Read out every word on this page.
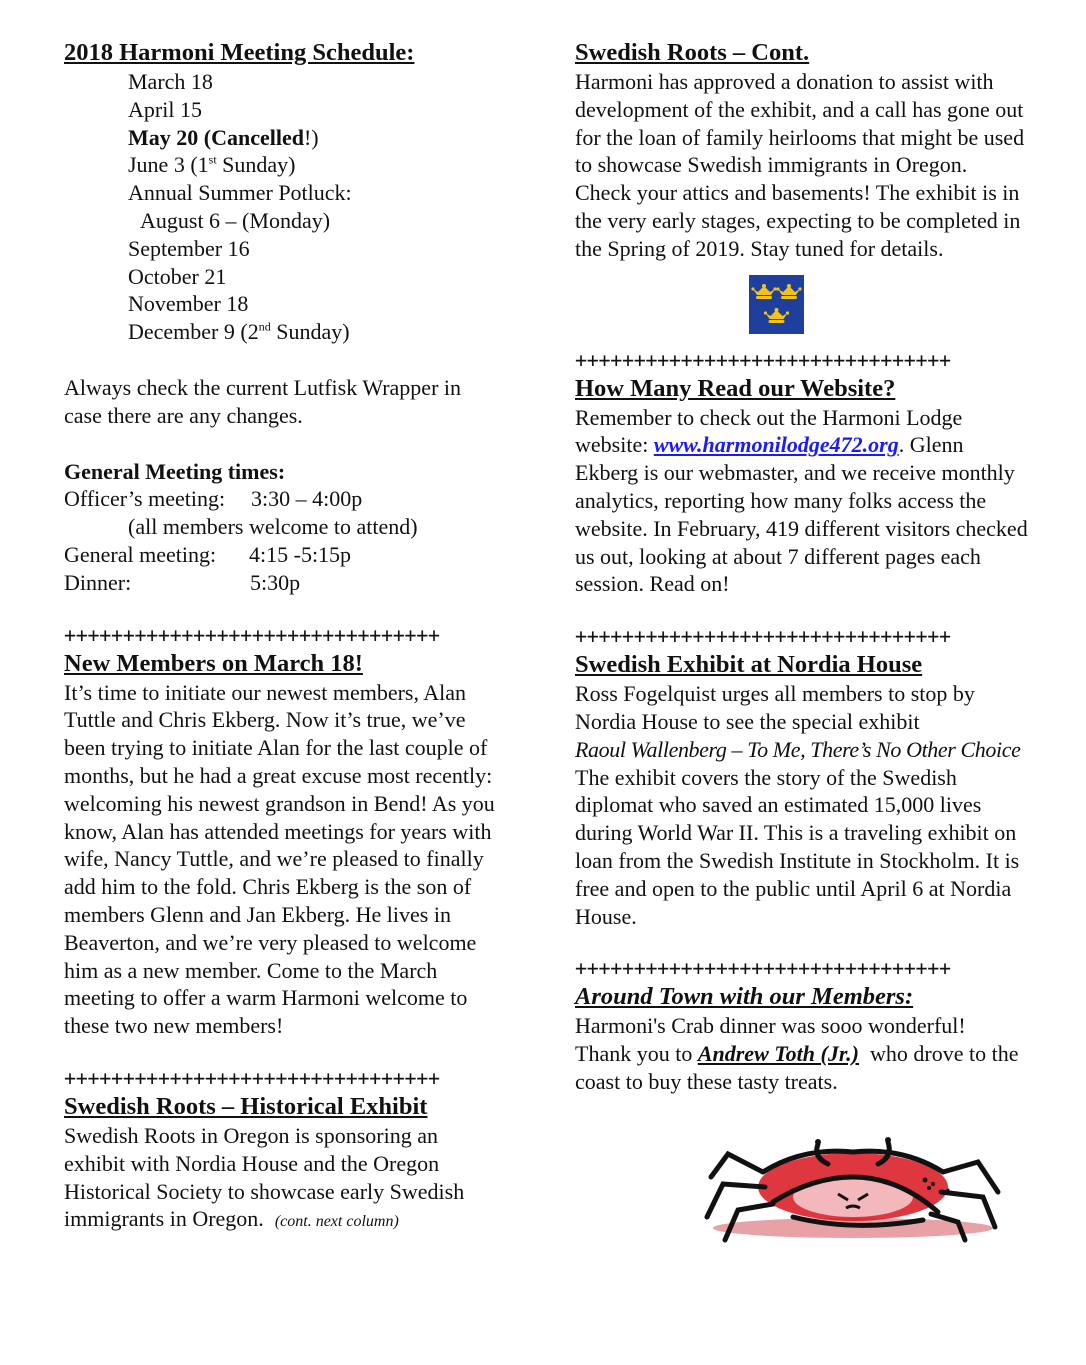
2018 Harmoni Meeting Schedule:
March 18
April 15
May 20 (Cancelled!)
June 3 (1st Sunday)
Annual Summer Potluck:
August 6 – (Monday)
September 16
October 21
November 18
December 9 (2nd Sunday)
Always check the current Lutfisk Wrapper in case there are any changes.
General Meeting times:
Officer’s meeting: 3:30 – 4:00p
(all members welcome to attend)
General meeting: 4:15 -5:15p
Dinner:	5:30p
++++++++++++++++++++++++++++++++
New Members on March 18!
It’s time to initiate our newest members, Alan Tuttle and Chris Ekberg. Now it’s true, we’ve been trying to initiate Alan for the last couple of months, but he had a great excuse most recently: welcoming his newest grandson in Bend! As you know, Alan has attended meetings for years with wife, Nancy Tuttle, and we’re pleased to finally add him to the fold. Chris Ekberg is the son of members Glenn and Jan Ekberg. He lives in Beaverton, and we’re very pleased to welcome him as a new member. Come to the March meeting to offer a warm Harmoni welcome to these two new members!
++++++++++++++++++++++++++++++++
Swedish Roots – Historical Exhibit
Swedish Roots in Oregon is sponsoring an exhibit with Nordia House and the Oregon Historical Society to showcase early Swedish immigrants in Oregon. (cont. next column)
Swedish Roots – Cont.
Harmoni has approved a donation to assist with development of the exhibit, and a call has gone out for the loan of family heirlooms that might be used to showcase Swedish immigrants in Oregon. Check your attics and basements! The exhibit is in the very early stages, expecting to be completed in the Spring of 2019. Stay tuned for details.
++++++++++++++++++++++++++++++++
How Many Read our Website?
Remember to check out the Harmoni Lodge website: www.harmonilodge472.org. Glenn Ekberg is our webmaster, and we receive monthly analytics, reporting how many folks access the website. In February, 419 different visitors checked us out, looking at about 7 different pages each session. Read on!
++++++++++++++++++++++++++++++++
Swedish Exhibit at Nordia House
Ross Fogelquist urges all members to stop by Nordia House to see the special exhibit
Raoul Wallenberg – To Me, There’s No Other Choice
The exhibit covers the story of the Swedish diplomat who saved an estimated 15,000 lives during World War II. This is a traveling exhibit on loan from the Swedish Institute in Stockholm. It is free and open to the public until April 6 at Nordia House.
++++++++++++++++++++++++++++++++
Around Town with our Members:
Harmoni's Crab dinner was sooo wonderful!
Thank you to Andrew Toth (Jr.)  who drove to the coast to buy these tasty treats.
